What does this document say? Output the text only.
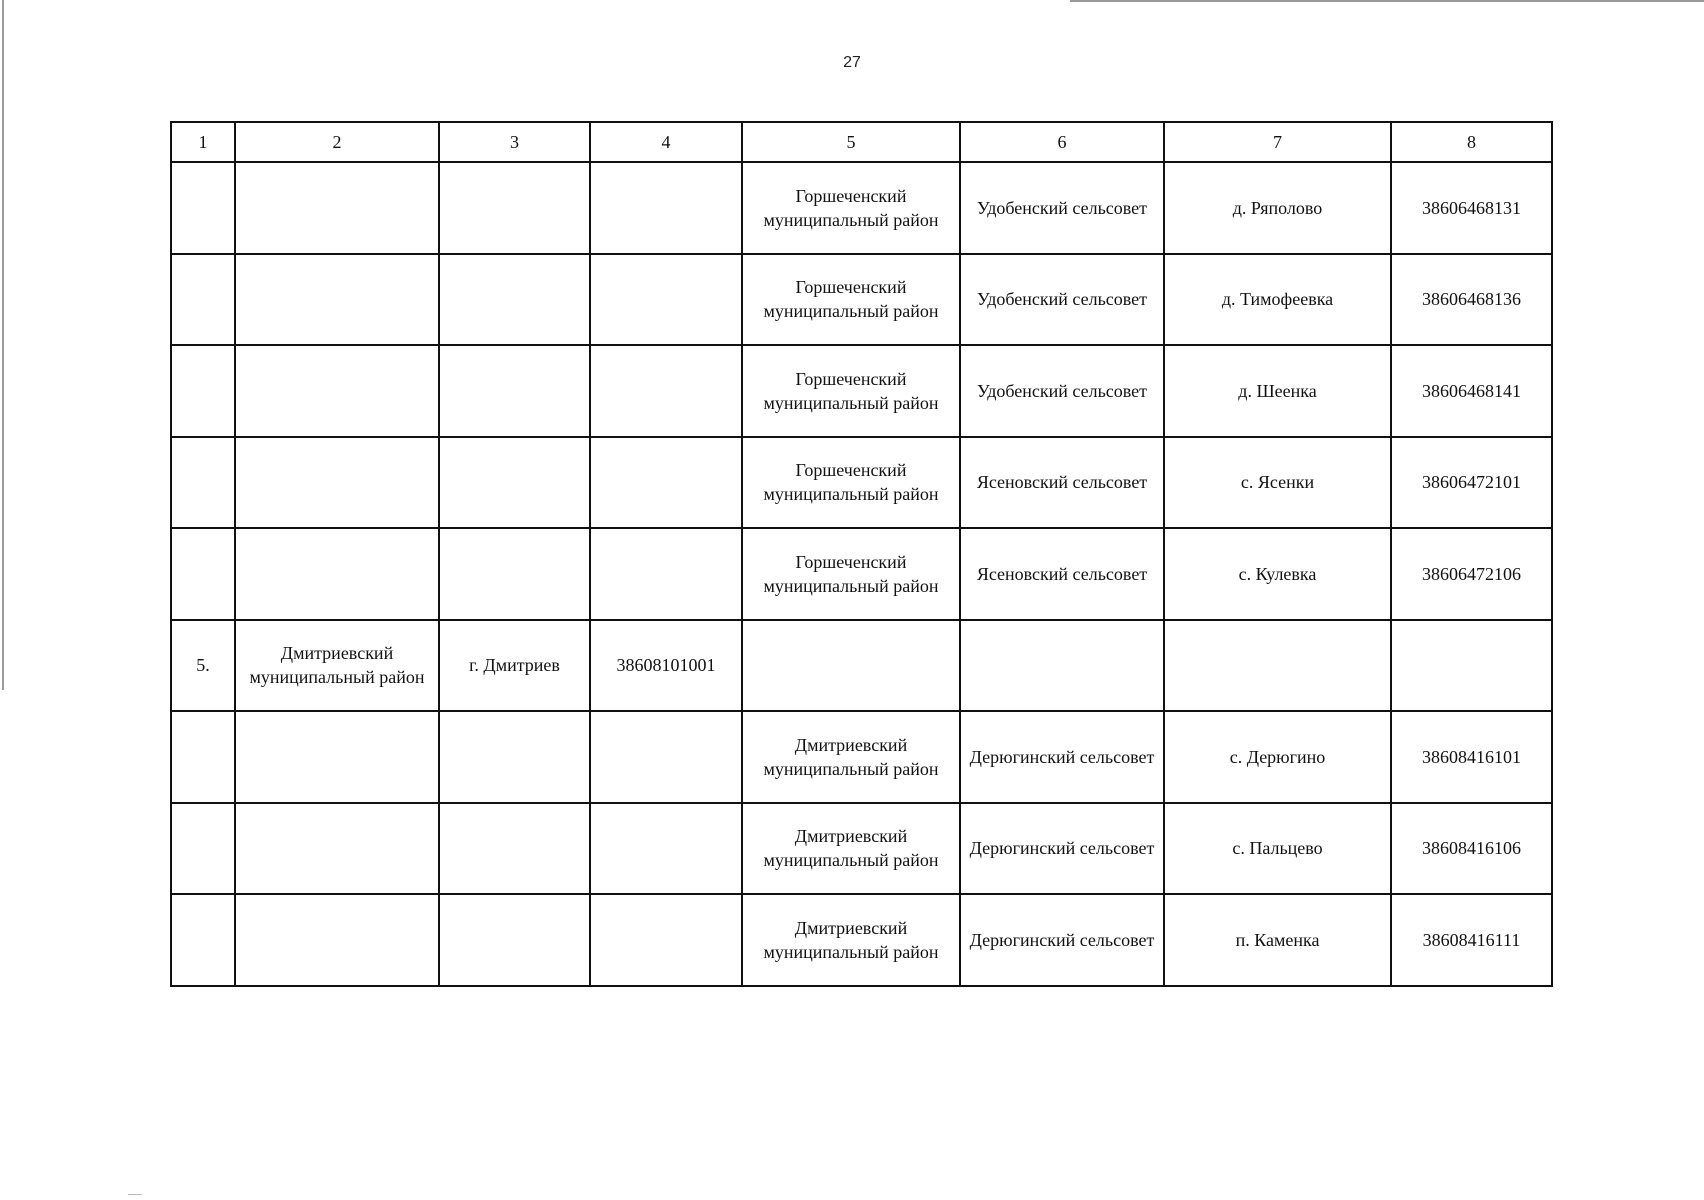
27
1	2	3	4	5	6	7	8
				Горшеченский муниципальный район	Удобенский сельсовет	д. Ряполово	38606468131
				Горшеченский муниципальный район	Удобенский сельсовет	д. Тимофеевка	38606468136
				Горшеченский муниципальный район	Удобенский сельсовет	д. Шеенка	38606468141
				Горшеченский муниципальный район	Ясеновский сельсовет	с. Ясенки	38606472101
				Горшеченский муниципальный район	Ясеновский сельсовет	с. Кулевка	38606472106
5.	Дмитриевский муниципальный район	г. Дмитриев	38608101001				
				Дмитриевский муниципальный район	Дерюгинский сельсовет	с. Дерюгино	38608416101
				Дмитриевский муниципальный район	Дерюгинский сельсовет	с. Пальцево	38608416106
				Дмитриевский муниципальный район	Дерюгинский сельсовет	п. Каменка	38608416111
